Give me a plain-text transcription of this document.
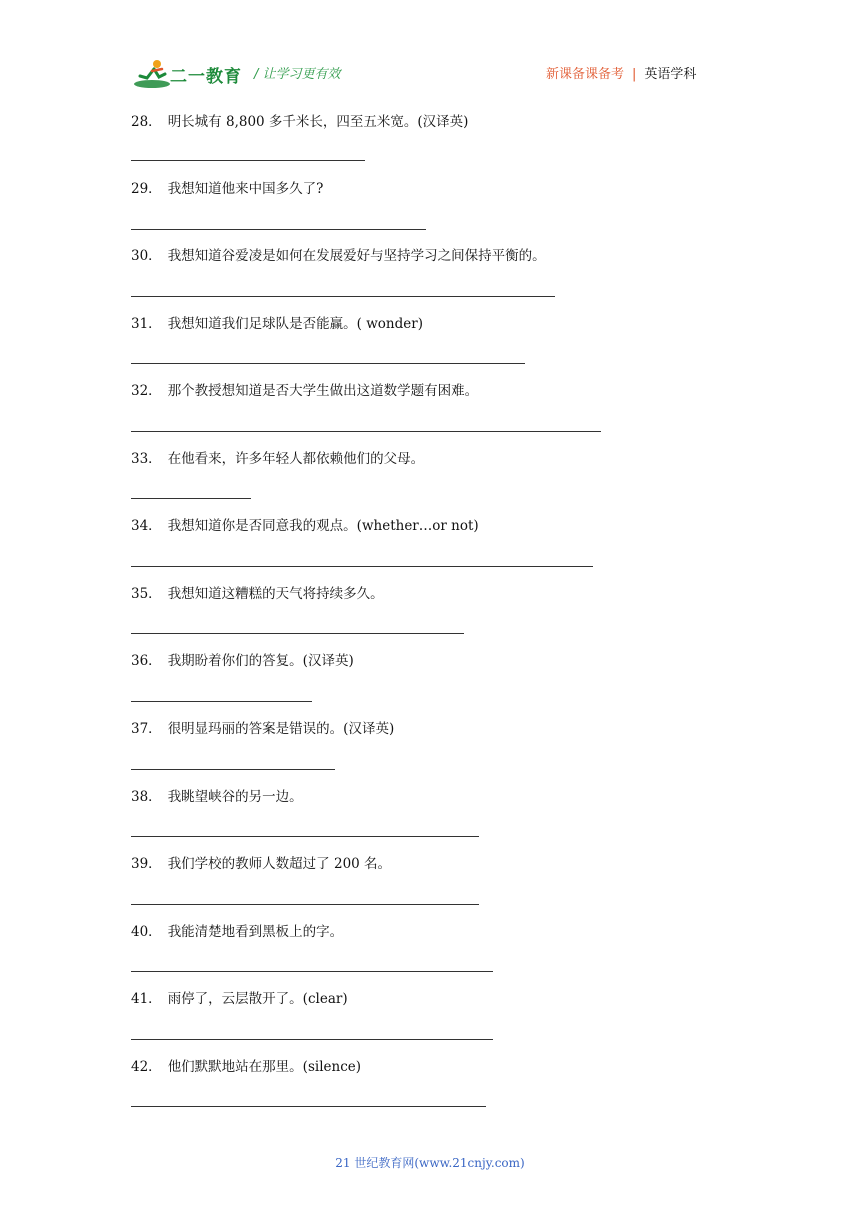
二一教育 / 让学习更有效	新课备课备考 | 英语学科
28． 明长城有 8,800 多千米长，四至五米宽。(汉译英)
29． 我想知道他来中国多久了?
30． 我想知道谷爱凌是如何在发展爱好与坚持学习之间保持平衡的。
31． 我想知道我们足球队是否能赢。( wonder)
32． 那个教授想知道是否大学生做出这道数学题有困难。
33． 在他看来，许多年轻人都依赖他们的父母。
34． 我想知道你是否同意我的观点。(whether…or not)
35． 我想知道这糟糕的天气将持续多久。
36． 我期盼着你们的答复。(汉译英)
37． 很明显玛丽的答案是错误的。(汉译英)
38． 我眺望峡谷的另一边。
39． 我们学校的教师人数超过了 200 名。
40． 我能清楚地看到黑板上的字。
41． 雨停了，云层散开了。(clear)
42． 他们默默地站在那里。(silence)
21 世纪教育网(www.21cnjy.com)
